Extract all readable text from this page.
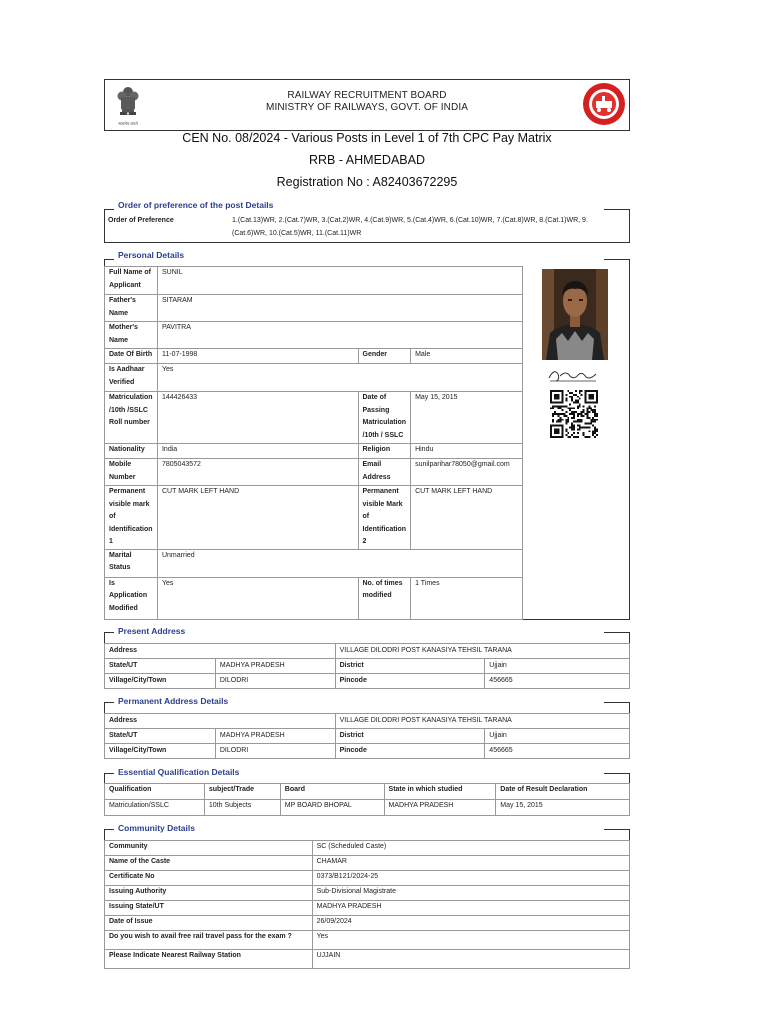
सत्यमेव जयते
RAILWAY RECRUITMENT BOARD
MINISTRY OF RAILWAYS, GOVT. OF INDIA
CEN No. 08/2024 - Various Posts in Level 1 of 7th CPC Pay Matrix
RRB - AHMEDABAD
Registration No : A82403672295
Order of preference of the post Details
Order of Preference	1.(Cat.13)WR, 2.(Cat.7)WR, 3.(Cat.2)WR, 4.(Cat.9)WR, 5.(Cat.4)WR, 6.(Cat.10)WR, 7.(Cat.8)WR, 8.(Cat.1)WR, 9.(Cat.6)WR, 10.(Cat.5)WR, 11.(Cat.11)WR
Personal Details
Full Name of Applicant	SUNIL		
Father's Name	SITARAM		
Mother's Name	PAVITRA		
Date Of Birth	11-07-1998	Gender	Male
Is Aadhaar Verified	Yes		
Matriculation /10th /SSLC Roll number	144426433	Date of Passing Matriculation /10th / SSLC	May 15, 2015
Nationality	India	Religion	Hindu
Mobile Number	7805043572	Email Address	sunilparihar78050@gmail.com
Permanent visible mark of Identification 1	CUT MARK LEFT HAND	Permanent visible Mark of Identification 2	CUT MARK LEFT HAND
Marital Status	Unmarried		
Is Application Modified	Yes	No. of times modified	1 Times
Present Address
Address		VILLAGE DILODRI POST KANASIYA TEHSIL TARANA	
State/UT	MADHYA PRADESH	District	Ujjain
Village/City/Town	DILODRI	Pincode	456665
Permanent Address Details
Address		VILLAGE DILODRI POST KANASIYA TEHSIL TARANA	
State/UT	MADHYA PRADESH	District	Ujjain
Village/City/Town	DILODRI	Pincode	456665
Essential Qualification Details
Qualification	subject/Trade	Board	State in which studied	Date of Result Declaration
Matriculation/SSLC	10th Subjects	MP BOARD BHOPAL	MADHYA PRADESH	May 15, 2015
Community Details
Community	SC (Scheduled Caste)
Name of the Caste	CHAMAR
Certificate No	0373/B121/2024-25
Issuing Authority	Sub-Divisional Magistrate
Issuing State/UT	MADHYA PRADESH
Date of Issue	26/09/2024
Do you wish to avail free rail travel pass for the exam ?	Yes
Please Indicate Nearest Railway Station	UJJAIN
